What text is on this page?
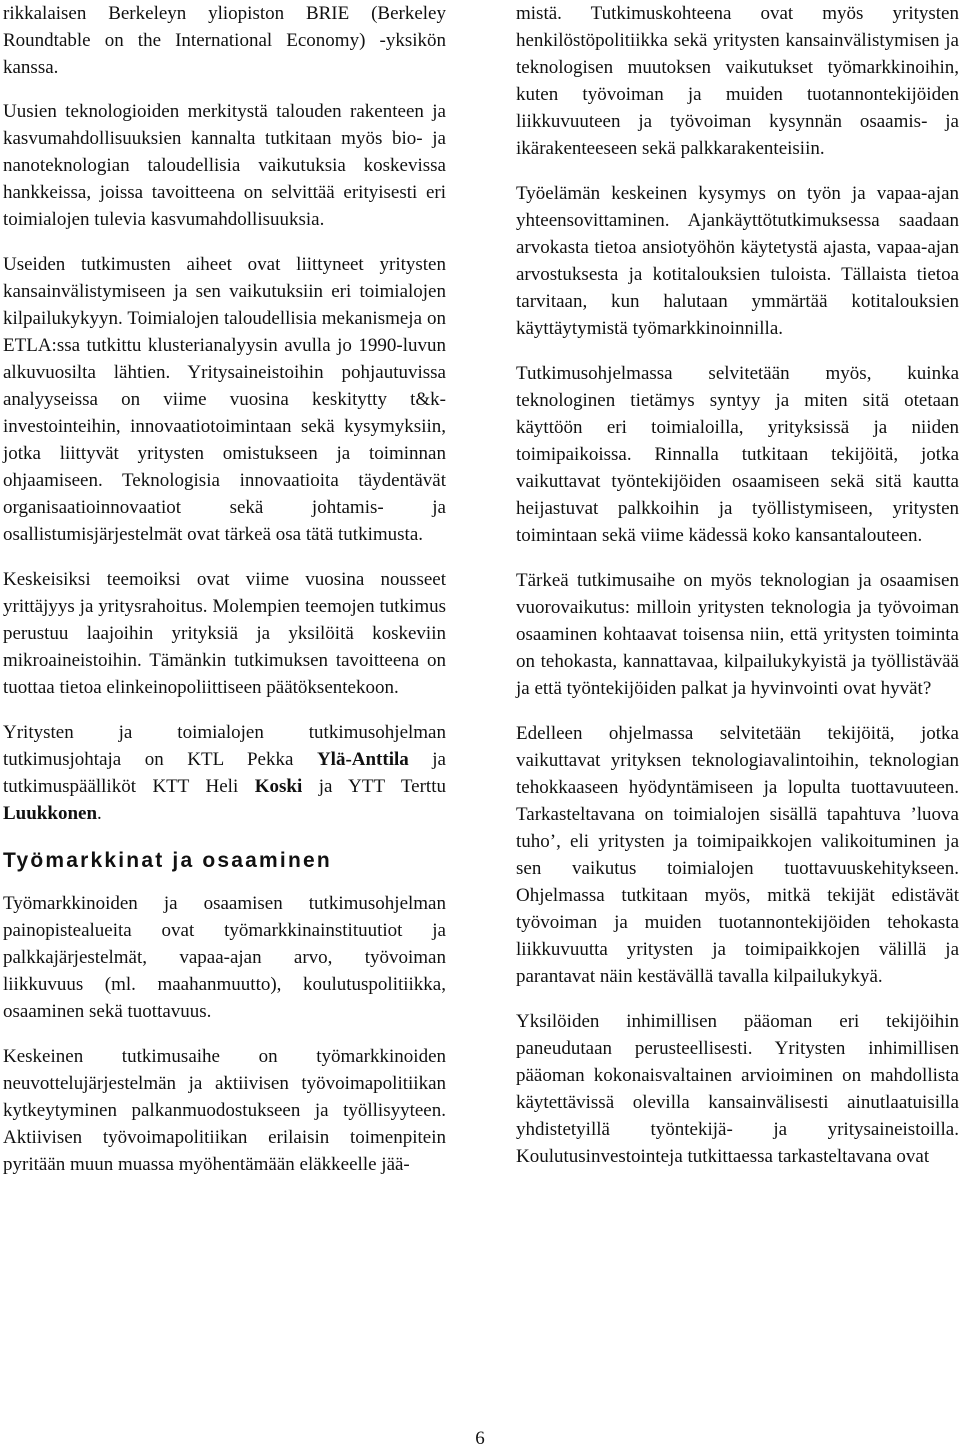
rikkalaisen Berkeleyn yliopiston BRIE (Berkeley Roundtable on the International Economy) -yksikön kanssa.

Uusien teknologioiden merkitystä talouden rakenteen ja kasvumahdollisuuksien kannalta tutkitaan myös bio- ja nanoteknologian taloudellisia vaikutuksia koskevissa hankkeissa, joissa tavoitteena on selvittää erityisesti eri toimialojen tulevia kasvumahdollisuuksia.

Useiden tutkimusten aiheet ovat liittyneet yritysten kansainvälistymiseen ja sen vaikutuksiin eri toimialojen kilpailukykyyn. Toimialojen taloudellisia mekanismeja on ETLA:ssa tutkittu klusterianalyysin avulla jo 1990-luvun alkuvuosilta lähtien. Yritysaineistoihin pohjautuvissa analyyseissa on viime vuosina keskitytty t&k-investointeihin, innovaatiotoimintaan sekä kysymyksiin, jotka liittyvät yritysten omistukseen ja toiminnan ohjaamiseen. Teknologisia innovaatioita täydentävät organisaatioinnovaatiot sekä johtamis- ja osallistumisjärjestelmät ovat tärkeä osa tätä tutkimusta.

Keskeisiksi teemoiksi ovat viime vuosina nousseet yrittäjyys ja yritysrahoitus. Molempien teemojen tutkimus perustuu laajoihin yrityksiä ja yksilöitä koskeviin mikroaineistoihin. Tämänkin tutkimuksen tavoitteena on tuottaa tietoa elinkeinopoliittiseen päätöksentekoon.

Yritysten ja toimialojen tutkimusohjelman tutkimusjohtaja on KTL Pekka Ylä-Anttila ja tutkimuspäälliköt KTT Heli Koski ja YTT Terttu Luukkonen.

Työmarkkinat ja osaaminen

Työmarkkinoiden ja osaamisen tutkimusohjelman painopistealueita ovat työmarkkinainstituutiot ja palkkajärjestelmät, vapaa-ajan arvo, työvoiman liikkuvuus (ml. maahanmuutto), koulutuspolitiikka, osaaminen sekä tuottavuus.

Keskeinen tutkimusaihe on työmarkkinoiden neuvottelujärjestelmän ja aktiivisen työvoimapolitiikan kytkeytyminen palkanmuodostukseen ja työllisyyteen. Aktiivisen työvoimapolitiikan erilaisin toimenpitein pyritään muun muassa myöhentämään eläkkeelle jää-

mistä. Tutkimuskohteena ovat myös yritysten henkilöstöpolitiikka sekä yritysten kansainvälistymisen ja teknologisen muutoksen vaikutukset työmarkkinoihin, kuten työvoiman ja muiden tuotannontekijöiden liikkuvuuteen ja työvoiman kysynnän osaamis- ja ikärakenteeseen sekä palkkarakenteisiin.

Työelämän keskeinen kysymys on työn ja vapaa-ajan yhteensovittaminen. Ajankäyttötutkimuksessa saadaan arvokasta tietoa ansiotyöhön käytetystä ajasta, vapaa-ajan arvostuksesta ja kotitalouksien tuloista. Tällaista tietoa tarvitaan, kun halutaan ymmärtää kotitalouksien käyttäytymistä työmarkkinoinnilla.

Tutkimusohjelmassa selvitetään myös, kuinka teknologinen tietämys syntyy ja miten sitä otetaan käyttöön eri toimialoilla, yrityksissä ja niiden toimipaikoissa. Rinnalla tutkitaan tekijöitä, jotka vaikuttavat työntekijöiden osaamiseen sekä sitä kautta heijastuvat palkkoihin ja työllistymiseen, yritysten toimintaan sekä viime kädessä koko kansantalouteen.

Tärkeä tutkimusaihe on myös teknologian ja osaamisen vuorovaikutus: milloin yritysten teknologia ja työvoiman osaaminen kohtaavat toisensa niin, että yritysten toiminta on tehokasta, kannattavaa, kilpailukykyistä ja työllistävää ja että työntekijöiden palkat ja hyvinvointi ovat hyvät?

Edelleen ohjelmassa selvitetään tekijöitä, jotka vaikuttavat yrityksen teknologiavalintoihin, teknologian tehokkaaseen hyödyntämiseen ja lopulta tuottavuuteen. Tarkasteltavana on toimialojen sisällä tapahtuva ’luova tuho’, eli yritysten ja toimipaikkojen valikoituminen ja sen vaikutus toimialojen tuottavuuskehitykseen. Ohjelmassa tutkitaan myös, mitkä tekijät edistävät työvoiman ja muiden tuotannontekijöiden tehokasta liikkuvuutta yritysten ja toimipaikkojen välillä ja parantavat näin kestävällä tavalla kilpailukykyä.

Yksilöiden inhimillisen pääoman eri tekijöihin paneudutaan perusteellisesti. Yritysten inhimillisen pääoman kokonaisvaltainen arvioiminen on mahdollista käytettävissä olevilla kansainvälisesti ainutlaatuisilla yhdistetyillä työntekijä- ja yritysaineistoilla. Koulutusinvestointeja tutkittaessa tarkasteltavana ovat

6
